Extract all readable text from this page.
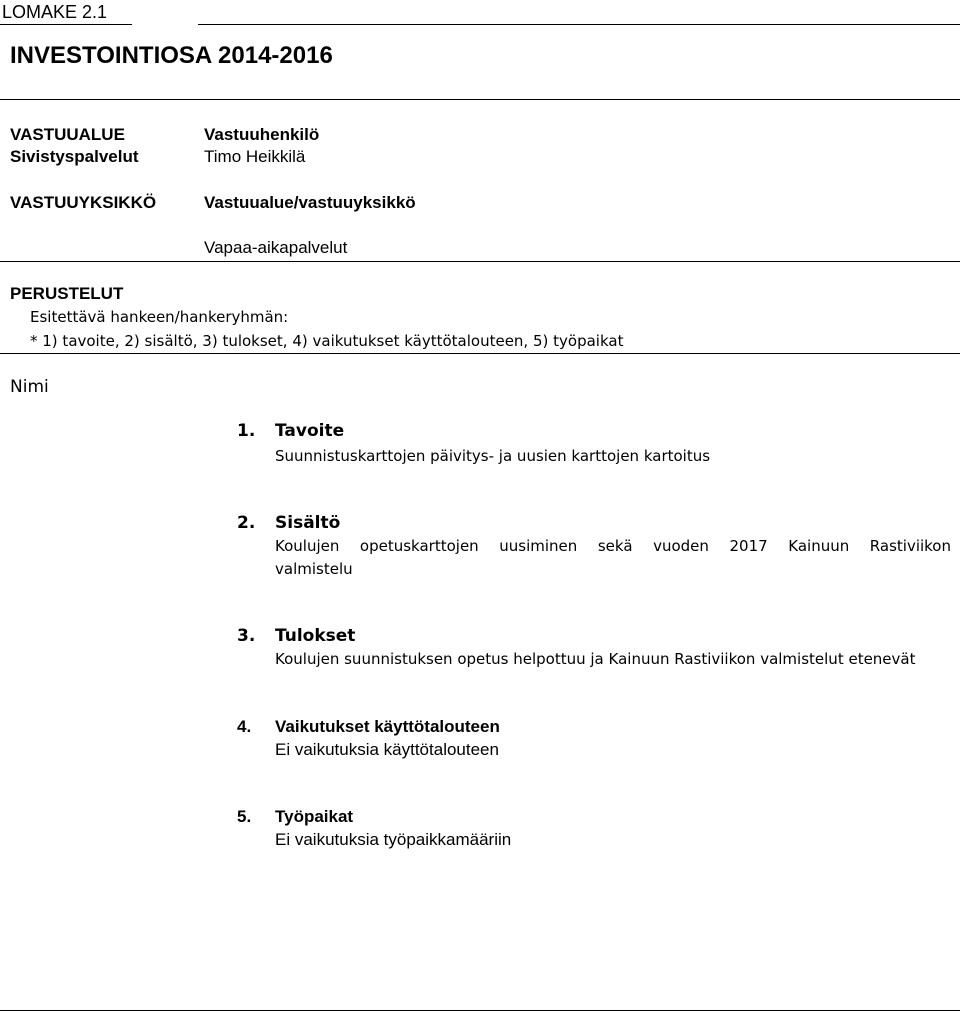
LOMAKE 2.1
INVESTOINTIOSA 2014-2016
VASTUUALUE
Sivistyspalvelut
Vastuuhenkilö
Timo Heikkilä
VASTUUYKSIKKÖ	Vastuualue/vastuuyksikkö
Vapaa-aikapalvelut
PERUSTELUT
Esitettävä hankeen/hankeryhmän:
* 1) tavoite, 2) sisältö, 3) tulokset, 4) vaikutukset käyttötalouteen, 5) työpaikat
Nimi
1. Tavoite
Suunnistuskarttojen päivitys- ja uusien karttojen kartoitus
2. Sisältö
Koulujen opetuskarttojen uusiminen sekä vuoden 2017 Kainuun Rastiviikon
valmistelu
3. Tulokset
Koulujen suunnistuksen opetus helpottuu ja Kainuun Rastiviikon valmistelut etenevät
4. Vaikutukset käyttötalouteen
Ei vaikutuksia käyttötalouteen
5. Työpaikat
Ei vaikutuksia työpaikkamääriin
